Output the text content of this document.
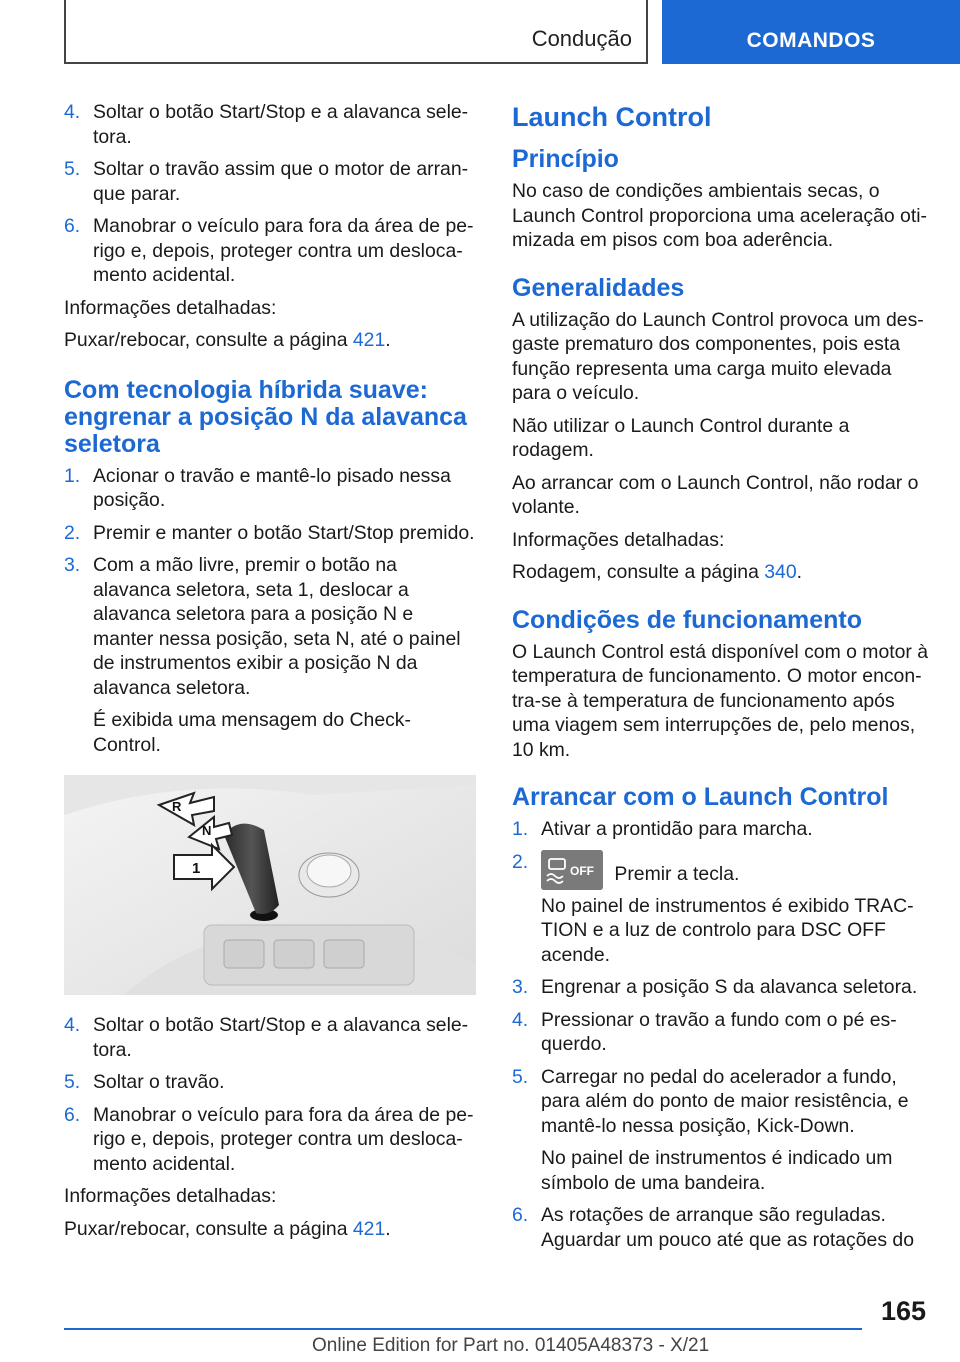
Condução	COMANDOS
4. Soltar o botão Start/Stop e a alavanca seletora.
5. Soltar o travão assim que o motor de arranque parar.
6. Manobrar o veículo para fora da área de perigo e, depois, proteger contra um deslocamento acidental.

Informações detalhadas:

Puxar/rebocar, consulte a página 421.

Com tecnologia híbrida suave: engrenar a posição N da alavanca seletora
1. Acionar o travão e mantê-lo pisado nessa posição.
2. Premir e manter o botão Start/Stop premido.
3. Com a mão livre, premir o botão na alavanca seletora, seta 1, deslocar a alavanca seletora para a posição N e manter nessa posição, seta N, até o painel de instrumentos exibir a posição N da alavanca seletora.
É exibida uma mensagem do Check-Control.
R
N
1
4. Soltar o botão Start/Stop e a alavanca seletora.
5. Soltar o travão.
6. Manobrar o veículo para fora da área de perigo e, depois, proteger contra um deslocamento acidental.

Informações detalhadas:

Puxar/rebocar, consulte a página 421.

Launch Control
Princípio

No caso de condições ambientais secas, o Launch Control proporciona uma aceleração otimizada em pisos com boa aderência.

Generalidades

A utilização do Launch Control provoca um desgaste prematuro dos componentes, pois esta função representa uma carga muito elevada para o veículo.

Não utilizar o Launch Control durante a rodagem.

Ao arrancar com o Launch Control, não rodar o volante.

Informações detalhadas:

Rodagem, consulte a página 340.

Condições de funcionamento

O Launch Control está disponível com o motor à temperatura de funcionamento. O motor encontra-se à temperatura de funcionamento após uma viagem sem interrupções de, pelo menos, 10 km.

Arrancar com o Launch Control
1. Ativar a prontidão para marcha.
2.	OFF Premir a tecla.
No painel de instrumentos é exibido TRACTION e a luz de controlo para DSC OFF acende.
3. Engrenar a posição S da alavanca seletora.
4. Pressionar o travão a fundo com o pé esquerdo.
5. Carregar no pedal do acelerador a fundo, para além do ponto de maior resistência, e mantê-lo nessa posição, Kick-Down.
No painel de instrumentos é indicado um símbolo de uma bandeira.
6. As rotações de arranque são reguladas. Aguardar um pouco até que as rotações do
165
Online Edition for Part no. 01405A48373 - X/21
